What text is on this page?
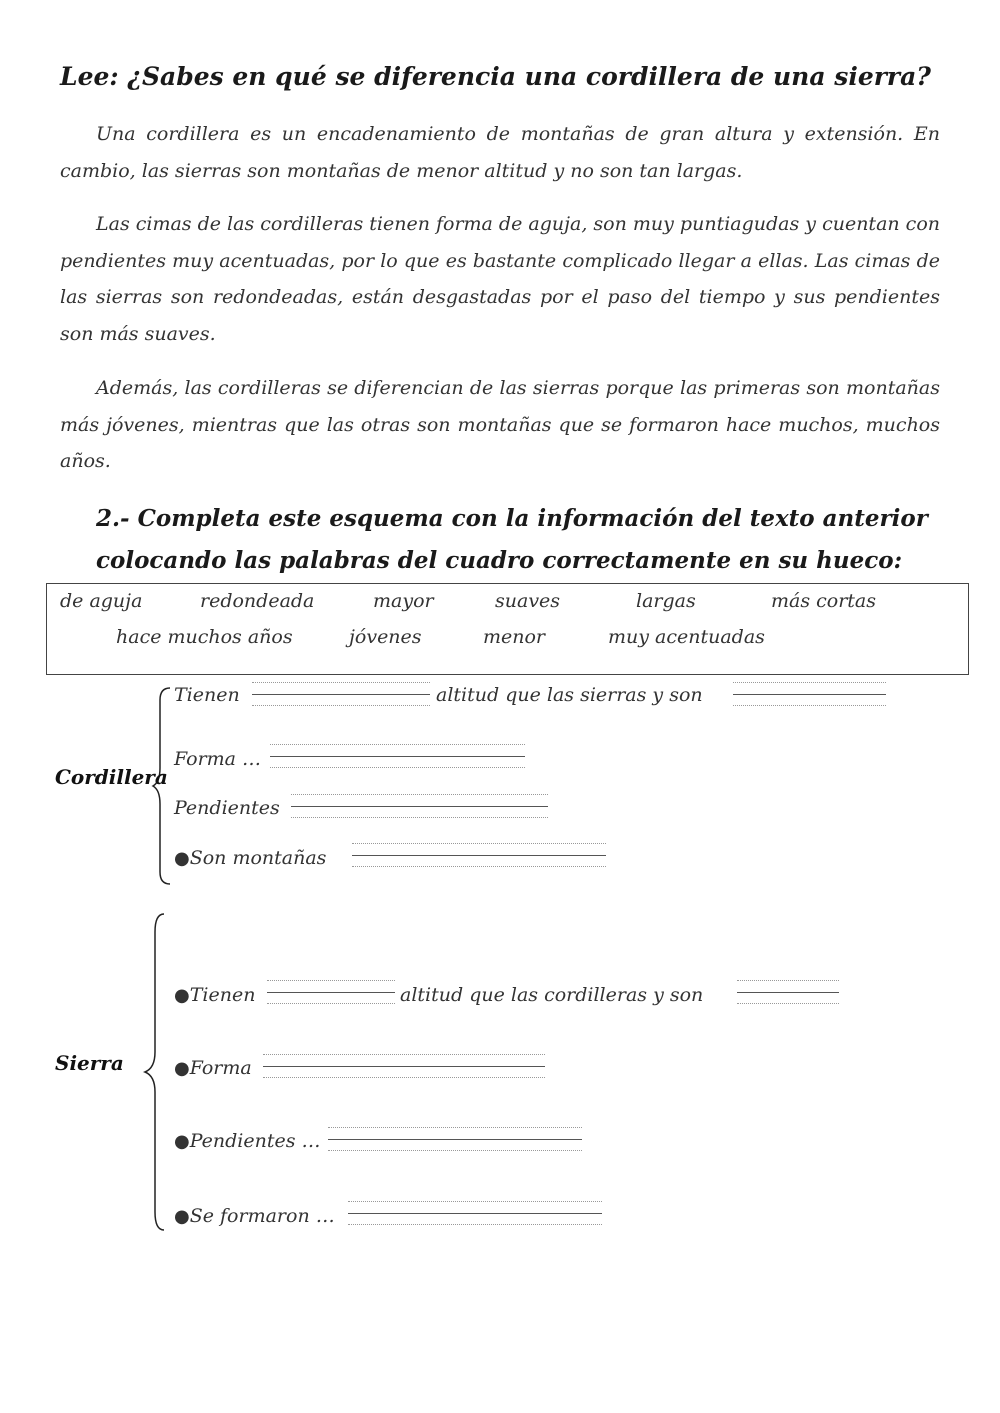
Lee: ¿Sabes en qué se diferencia una cordillera de una sierra?

Una cordillera es un encadenamiento de montañas de gran altura y extensión. En cambio, las sierras son montañas de menor altitud y no son tan largas.

Las cimas de las cordilleras tienen forma de aguja, son muy puntiagudas y cuentan con pendientes muy acentuadas, por lo que es bastante complicado llegar a ellas. Las cimas de las sierras son redondeadas, están desgastadas por el paso del tiempo y sus pendientes son más suaves.

Además, las cordilleras se diferencian de las sierras porque las primeras son montañas más jóvenes, mientras que las otras son montañas que se formaron hace muchos, muchos años.

2.- Completa este esquema con la información del texto anterior
colocando las palabras del cuadro correctamente en su hueco:
de aguja	redondeada	mayor	suaves	largas	más cortas
hace muchos años	jóvenes	menor	muy acentuadas
Cordillera
Tienen	altitud que las sierras y son
Forma …
Pendientes
●Son montañas
Sierra
●Tienen	altitud que las cordilleras y son
●Forma
●Pendientes …
●Se formaron …
